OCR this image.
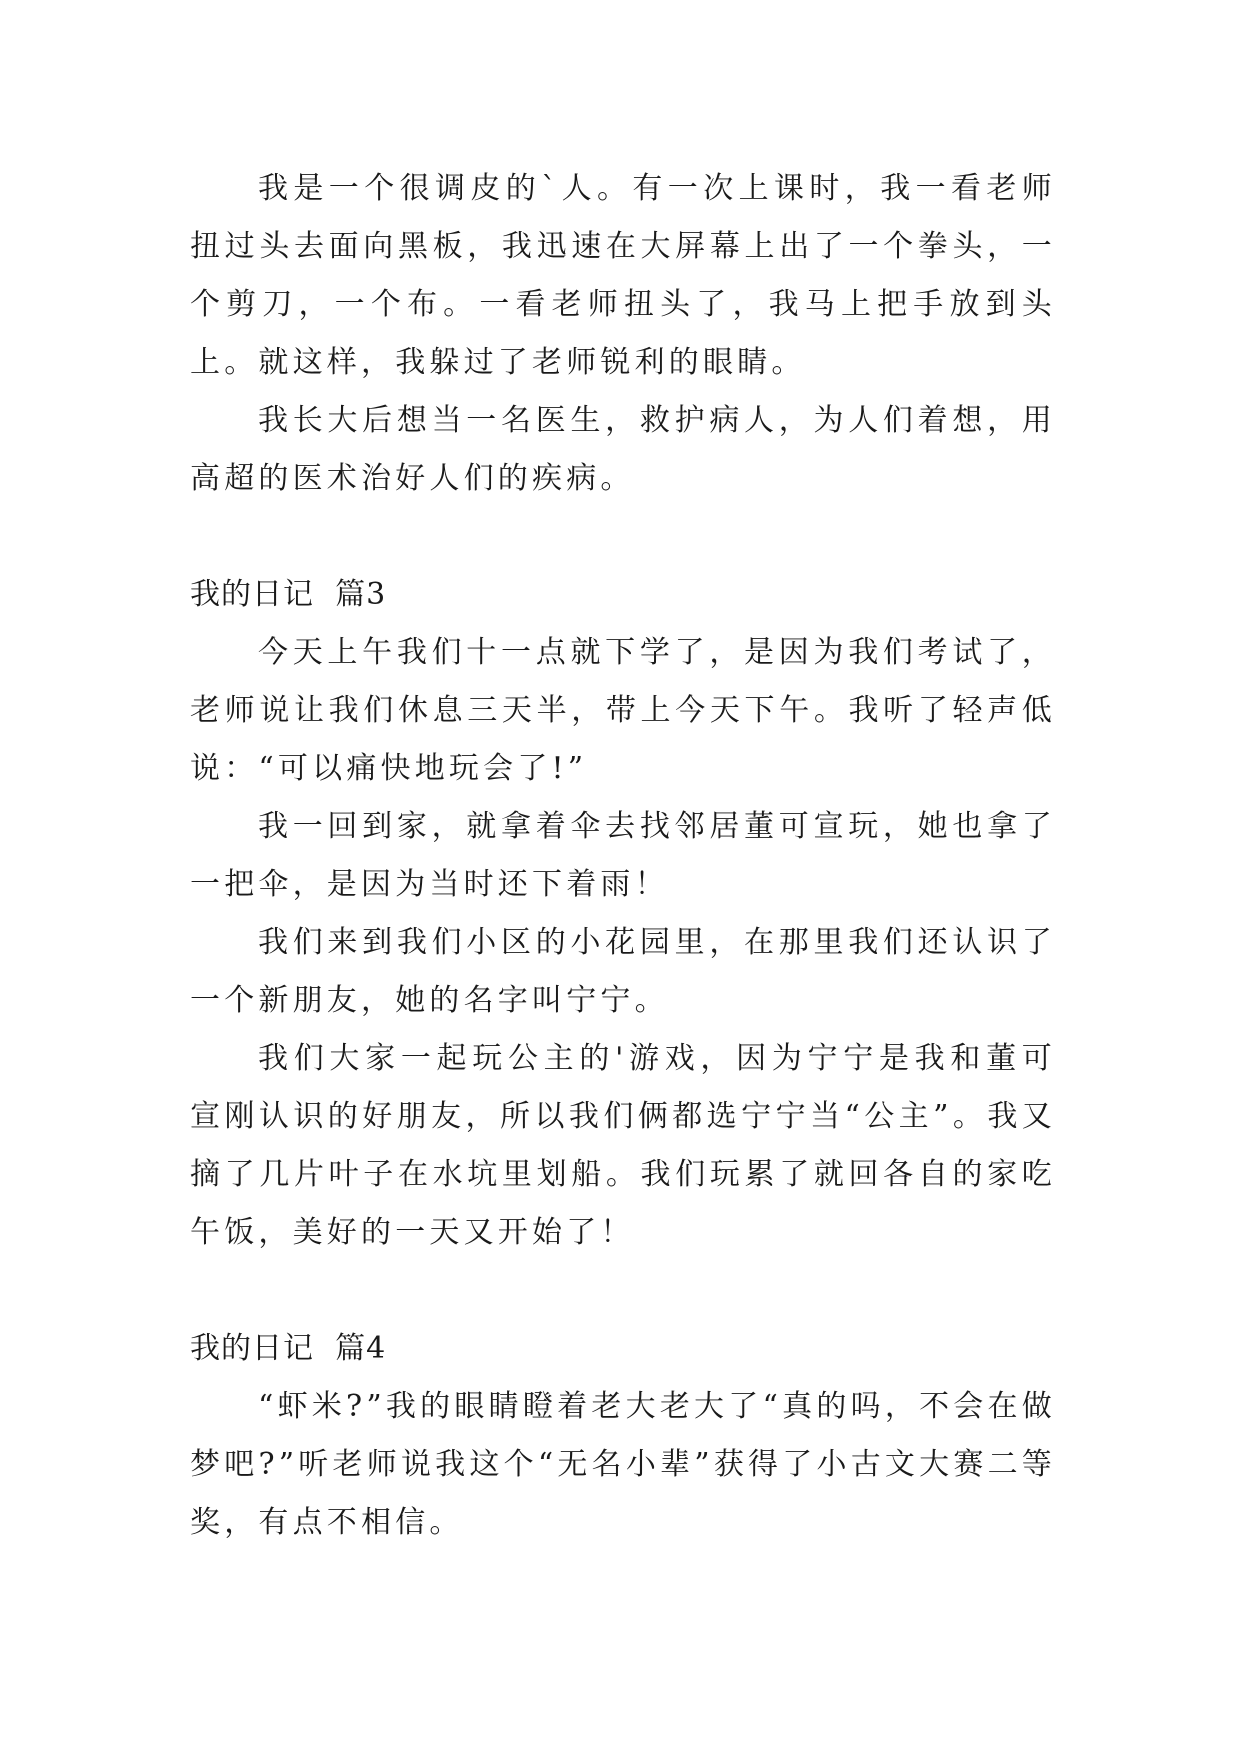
我是一个很调皮的`人。有一次上课时，我一看老师扭过头去面向黑板，我迅速在大屏幕上出了一个拳头，一个剪刀，一个布。一看老师扭头了，我马上把手放到头上。就这样，我躲过了老师锐利的眼睛。

我长大后想当一名医生，救护病人，为人们着想，用高超的医术治好人们的疾病。

我的日记  篇3

今天上午我们十一点就下学了，是因为我们考试了，老师说让我们休息三天半，带上今天下午。我听了轻声低说：“可以痛快地玩会了!”

我一回到家，就拿着伞去找邻居董可宣玩，她也拿了一把伞，是因为当时还下着雨！

我们来到我们小区的小花园里，在那里我们还认识了一个新朋友，她的名字叫宁宁。

我们大家一起玩公主的'游戏，因为宁宁是我和董可宣刚认识的好朋友，所以我们俩都选宁宁当“公主”。我又摘了几片叶子在水坑里划船。我们玩累了就回各自的家吃午饭，美好的一天又开始了！

我的日记  篇4

“虾米?”我的眼睛瞪着老大老大了“真的吗，不会在做梦吧?”听老师说我这个“无名小辈”获得了小古文大赛二等奖，有点不相信。
